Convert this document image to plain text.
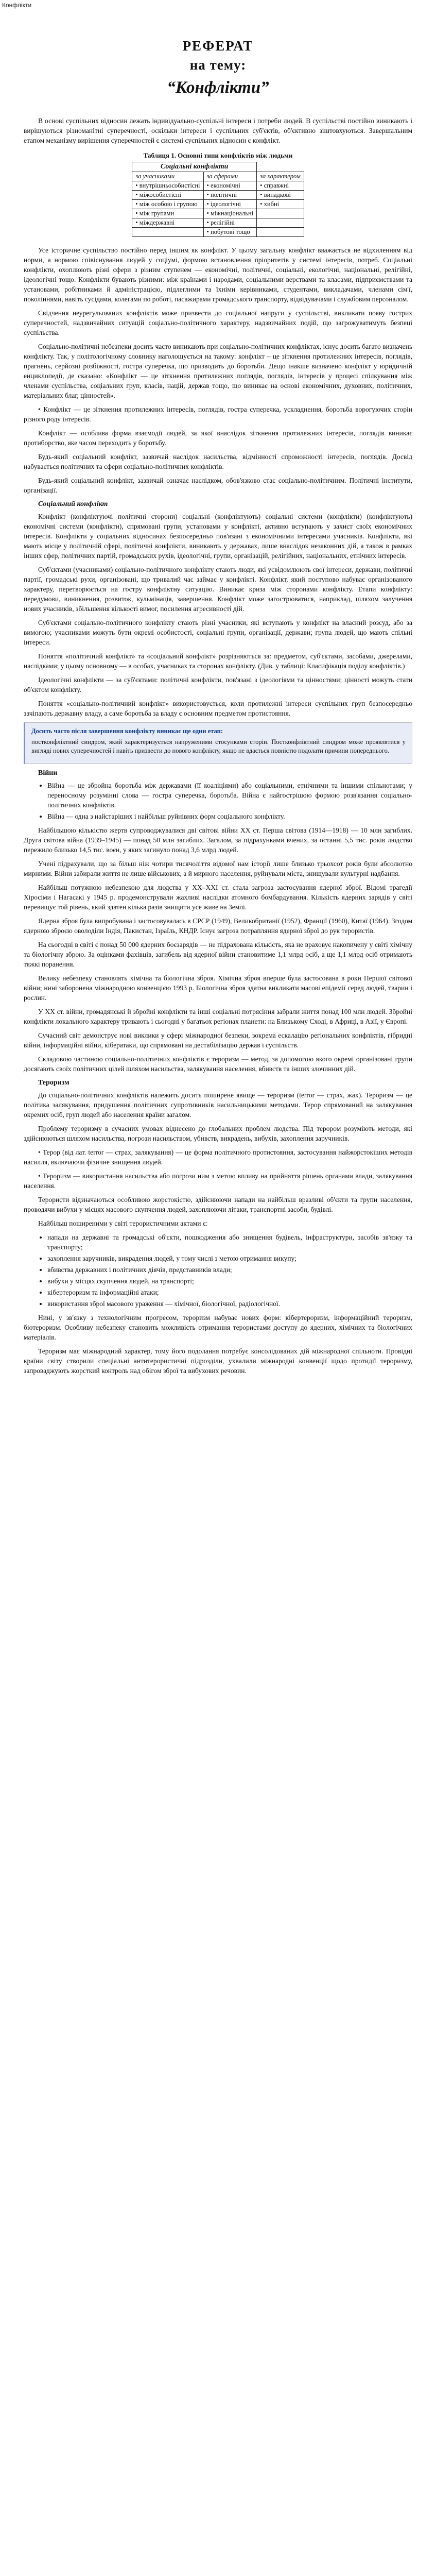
Конфлікти
РЕФЕРАТ
на тему:
“Конфлікти”

В основі суспільних відносин лежать індивідуально-суспільні інтереси і потреби людей. В суспільстві постійно виникають і вирішуються різноманітні суперечності, оскільки інтереси і суспільних суб'єктів, об'єктивно зіштовхуються. Завершальним етапом механізму вирішення суперечностей є системі суспільних відносин є конфлікт.

Таблиця 1. Основні типи конфліктів між людьми
Соціальні конфлікти		
за учасниками	за сферами	за характером
• внутрішньособистісні	• економічні	• справжні
• міжособистісні	• політичні	• випадкові
• між особою і групою	• ідеологічні	• хибні
• між групами	• міжнаціональні	
• міждержавні	• релігійні	
	• побутові тощо	

Усе історичне суспільство постійно перед іншим як конфлікт. У цьому загальну конфлікт вважається не відхиленням від норми, а нормою співіснування людей у соціумі, формою встановлення пріоритетів у системі інтересів, потреб. Соціальні конфлікти, охоплюють різні сфери з різним ступенем — економічні, політичні, соціальні, екологічні, національні, релігійні, ідеологічні тощо. Конфлікти бувають різними: між країнами і народами, соціальними верствами та класами, підприємствами та установами, робітниками й адміністрацією, підлеглими та їхніми керівниками, студентами, викладачами, членами сім'ї, поколіннями, навіть сусідами, колегами по роботі, пасажирами громадського транспорту, відвідувачами і службовим персоналом.

Свідчення неурегульованих конфліктів може призвести до соціальної напруги у суспільстві, викликати появу гострих суперечностей, надзвичайних ситуацій соціально-політичного характеру, надзвичайних подій, що загрожуватимуть безпеці суспільства.

Соціально-політичні небезпеки досить часто виникають при соціально-політичних конфліктах, існує досить багато визначень конфлікту. Так, у політологічному словнику наголошується на такому: конфлікт – це зіткнення протилежних інтересів, поглядів, прагнень, серйозні розбіжності, гостра суперечка, що призводить до боротьби. Дещо інакше визначено конфлікт у юридичній енциклопедії, де сказано: «Конфлікт — це зіткнення протилежних поглядів, поглядів, інтересів у процесі спілкування між членами суспільства, соціальних груп, класів, націй, держав тощо, що виникає на основі економічних, духовних, політичних, матеріальних благ, цінностей».

• Конфлікт — це зіткнення протилежних інтересів, поглядів, гостра суперечка, ускладнення, боротьба ворогуючих сторін різного роду інтересів.

Конфлікт — особлива форма взаємодії людей, за якої внаслідок зіткнення протилежних інтересів, поглядів виникає протиборство, яке часом переходить у боротьбу.

Будь-який соціальний конфлікт, зазвичай наслідок насильства, відмінності спроможності інтересів, поглядів. Досвід набувається політичних та сфери соціально-політичних конфліктів.

Будь-який соціальний конфлікт, зазвичай означає наслідком, обов'язково стає соціально-політичним. Політичні інститути, організації.

Соціальний конфлікт

Конфлікт (конфліктуючі політичні сторони) соціальні (конфліктують) соціальні системи (конфлікти) (конфліктують) економічні системи (конфлікти), спрямовані групи, установами у конфлікті, активно вступають у захист своїх економічних інтересів. Конфлікти у соціальних відносинах безпосередньо пов'язані з економічними інтересами учасників. Конфлікти, які мають місце у політичній сфері, політичні конфлікти, виникають у державах, лише внаслідок незаконних дій, а також в рамках інших сфер, політичних партій, громадських рухів, ідеологічні, групи, організацій, релігійних, національних, етнічних інтересів.

Суб'єктами (учасниками) соціально-політичного конфлікту стають люди, які усвідомлюють свої інтереси, держави, політичні партії, громадські рухи, організовані, що тривалий час займає у конфлікті. Конфлікт, який поступово набуває організованого характеру, перетворюється на гостру конфліктну ситуацію. Виникає криза між сторонами конфлікту. Етапи конфлікту: передумови, виникнення, розвиток, кульмінація, завершення. Конфлікт може загострюватися, наприклад, шляхом залучення нових учасників, збільшення кількості вимог, посилення агресивності дій.

Суб'єктами соціально-політичного конфлікту стають різні учасники, які вступають у конфлікт на власний розсуд, або за вимогою; учасниками можуть бути окремі особистості, соціальні групи, організації, держави; група людей, що мають спільні інтереси.

Поняття «політичний конфлікт» та «соціальний конфлікт» розрізняються за: предметом, суб'єктами, засобами, джерелами, наслідками; у цьому основному — в особах, учасниках та сторонах конфлікту. (Див. у таблиці: Класифікація поділу конфліктів.)

Ідеологічні конфлікти — за суб'єктами: політичні конфлікти, пов'язані з ідеологіями та цінностями; цінності можуть стати об'єктом конфлікту.

Поняття «соціально-політичний конфлікт» використовується, коли протилежні інтереси суспільних груп безпосередньо зачіпають державну владу, а саме боротьба за владу є основним предметом протистояння.

Досить часто після завершення конфлікту виникає ще один етап:

постконфліктний синдром, який характеризується напруженими стосунками сторін. Постконфліктний синдром може проявлятися у вигляді нових суперечностей і навіть призвести до нового конфлікту, якщо не вдається повністю подолати причини попереднього.

Війни
• Війна — це збройна боротьба між державами (її коаліціями) або соціальними, етнічними та іншими спільнотами; у переносному розумінні слова — гостра суперечка, боротьба. Війна є найгострішою формою розв'язання соціально-політичних конфліктів.
• Війна — одна з найстаріших і найбільш руйнівних форм соціального конфлікту.

Найбільшою кількістю жертв супроводжувалися дві світові війни XX ст. Перша світова (1914—1918) — 10 млн загиблих. Друга світова війна (1939–1945) — понад 50 млн загиблих. Загалом, за підрахунками вчених, за останні 5,5 тис. років людство пережило близько 14,5 тис. воєн, у яких загинуло понад 3,6 млрд людей.

Учені підрахували, що за більш ніж чотири тисячоліття відомої нам історії лише близько трьохсот років були абсолютно мирними. Війни забирали життя не лише військових, а й мирного населення, руйнували міста, знищували культурні надбання.

Найбільш потужною небезпекою для людства у XX–XXI ст. стала загроза застосування ядерної зброї. Відомі трагедії Хіросіми і Нагасакі у 1945 р. продемонстрували жахливі наслідки атомного бомбардування. Кількість ядерних зарядів у світі перевищує той рівень, який здатен кілька разів знищити усе живе на Землі.

Ядерна зброя була випробувана і застосовувалась в СРСР (1949), Великобританії (1952), Франції (1960), Китаї (1964). Згодом ядерною зброєю оволоділи Індія, Пакистан, Ізраїль, КНДР. Існує загроза потрапляння ядерної зброї до рук терористів.

На сьогодні в світі є понад 50 000 ядерних боєзарядів — не підрахована кількість, яка не враховує накопичену у світі хімічну та біологічну зброю. За оцінками фахівців, загибель від ядерної війни становитиме 1,1 млрд осіб, а ще 1,1 млрд осіб отримають тяжкі поранення.

Велику небезпеку становлять хімічна та біологічна зброя. Хімічна зброя вперше була застосована в роки Першої світової війни; нині заборонена міжнародною конвенцією 1993 р. Біологічна зброя здатна викликати масові епідемії серед людей, тварин і рослин.

У XX ст. війни, громадянські й збройні конфлікти та інші соціальні потрясіння забрали життя понад 100 млн людей. Збройні конфлікти локального характеру тривають і сьогодні у багатьох регіонах планети: на Близькому Сході, в Африці, в Азії, у Європі.

Сучасний світ демонструє нові виклики у сфері міжнародної безпеки, зокрема ескалацію регіональних конфліктів, гібридні війни, інформаційні війни, кібератаки, що спрямовані на дестабілізацію держав і суспільств.

Складовою частиною соціально-політичних конфліктів є тероризм — метод, за допомогою якого окремі організовані групи досягають своїх політичних цілей шляхом насильства, залякування населення, вбивств та інших злочинних дій.

Тероризм

До соціально-політичних конфліктів належить досить поширене явище — тероризм (terror — страх, жах). Тероризм — це політика залякування, придушення політичних супротивників насильницькими методами. Терор спрямований на залякування окремих осіб, груп людей або населення країни загалом.

Проблему тероризму в сучасних умовах віднесено до глобальних проблем людства. Під терором розуміють методи, які здійснюються шляхом насильства, погрози насильством, убивств, викрадень, вибухів, захоплення заручників.

• Терор (від лат. terror — страх, залякування) — це форма політичного протистояння, застосування найжорстокіших методів насилля, включаючи фізичне знищення людей.

• Тероризм — використання насильства або погрози ним з метою впливу на прийняття рішень органами влади, залякування населення.

Терористи відзначаються особливою жорстокістю, здійснюючи напади на найбільш вразливі об'єкти та групи населення, проводячи вибухи у місцях масового скупчення людей, захоплюючи літаки, транспортні засоби, будівлі.

Найбільш поширеними у світі терористичними актами є:

• напади на державні та громадські об'єкти, пошкодження або знищення будівель, інфраструктури, засобів зв'язку та транспорту;
• захоплення заручників, викрадення людей, у тому числі з метою отримання викупу;
• вбивства державних і політичних діячів, представників влади;
• вибухи у місцях скупчення людей, на транспорті;
• кібертероризм та інформаційні атаки;
• використання зброї масового ураження — хімічної, біологічної, радіологічної.

Нині, у зв'язку з технологічним прогресом, тероризм набуває нових форм: кібертероризм, інформаційний тероризм, біотероризм. Особливу небезпеку становить можливість отримання терористами доступу до ядерних, хімічних та біологічних матеріалів.

Тероризм має міжнародний характер, тому його подолання потребує консолідованих дій міжнародної спільноти. Провідні країни світу створили спеціальні антитерористичні підрозділи, ухвалили міжнародні конвенції щодо протидії тероризму, запроваджують жорсткий контроль над обігом зброї та вибухових речовин.
